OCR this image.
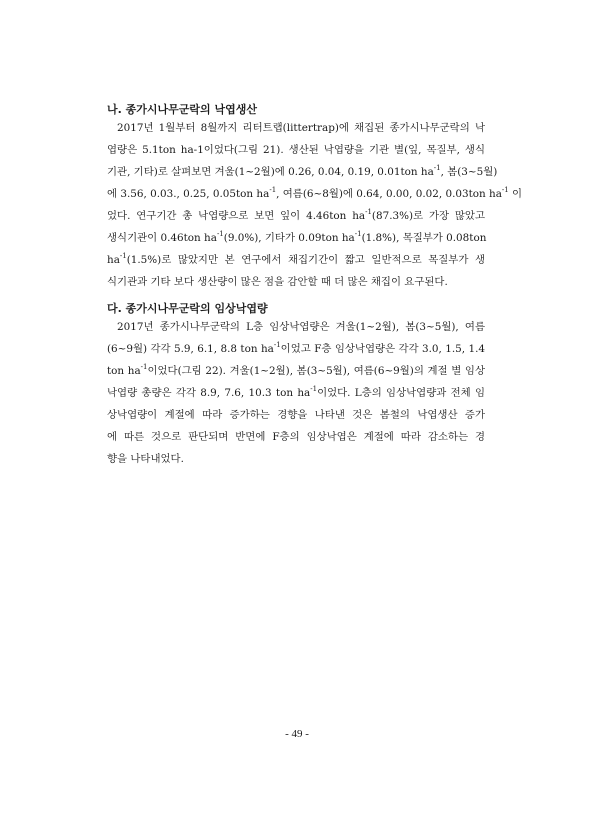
나. 종가시나무군락의 낙엽생산
2017년 1월부터 8월까지 리터트랩(littertrap)에 채집된 종가시나무군락의 낙
엽량은 5.1ton ha-1이었다(그림 21). 생산된 낙엽량을 기관 별(잎, 목질부, 생식
기관, 기타)로 살펴보면 겨울(1~2월)에 0.26, 0.04, 0.19, 0.01ton $ha^{-1}$, 봄(3~5월)
에 3.56, 0.03., 0.25, 0.05ton $ha^{-1}$, 여름(6~8월)에 0.64, 0.00, 0.02, 0.03ton $ha^{-1}$ 이
었다. 연구기간 총 낙엽량으로 보면 잎이 4.46ton $ha^{-1}(87.3\%)$로 가장 많았고
생식기관이 0.46ton $ha^{-1}(9.0\%)$, 기타가 0.09ton $ha^{-1}(1.8\%)$, 목질부가 0.08ton
$ha^{-1}(1.5\%)$로 많았지만 본 연구에서 채집기간이 짧고 일반적으로 목질부가 생
식기관과 기타 보다 생산량이 많은 점을 감안할 때 더 많은 채집이 요구된다.
다. 종가시나무군락의 임상낙엽량
2017년 종가시나무군락의 L층 임상낙엽량은 겨울(1~2월), 봄(3~5월), 여름
(6~9월) 각각 5.9, 6.1, 8.8 ton $ha^{-1}$이었고 F층 임상낙엽량은 각각 3.0, 1.5, 1.4
ton $ha^{-1}$이었다(그림 22). 겨울(1~2월), 봄(3~5월), 여름(6~9월)의 계절 별 임상
낙엽량 총량은 각각 8.9, 7.6, 10.3 ton $ha^{-1}$이었다. L층의 임상낙엽량과 전체 임
상낙엽량이 계절에 따라 증가하는 경향을 나타낸 것은 봄철의 낙엽생산 증가
에 따른 것으로 판단되며 반면에 F층의 임상낙엽은 계절에 따라 감소하는 경
향을 나타내었다.
- 49 -
